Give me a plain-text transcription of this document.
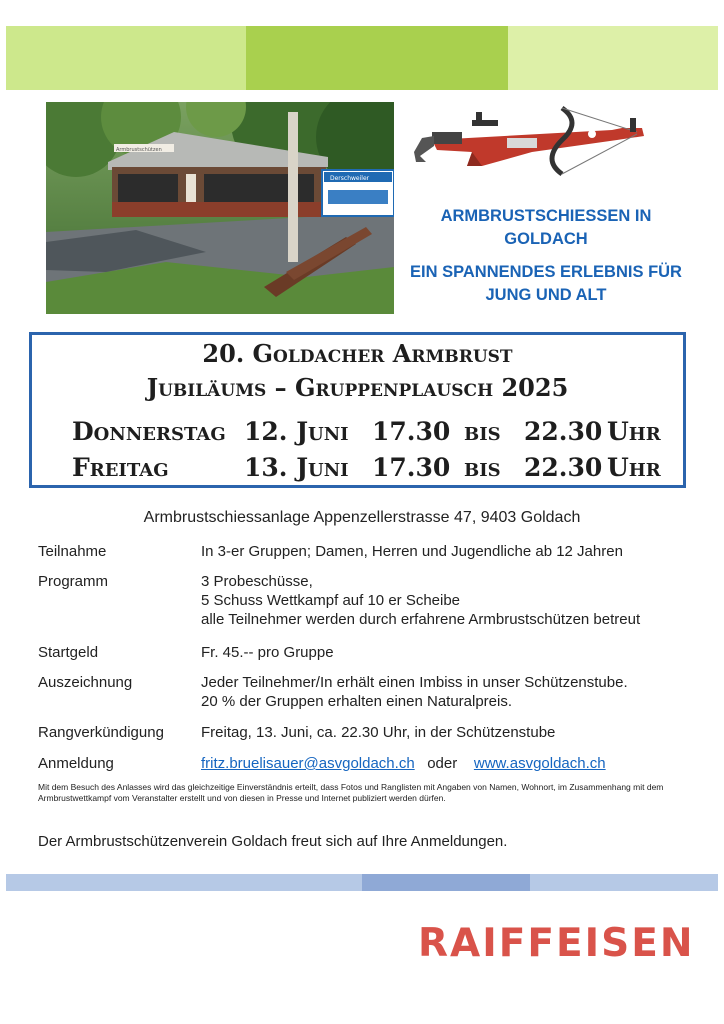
Armbrustschützen
Derschweiler

ARMBRUSTSCHIESSEN IN GOLDACH

EIN SPANNENDES ERLEBNIS FÜR JUNG UND ALT

20. Goldacher Armbrust
Jubiläums – Gruppenplausch 2025
Donnerstag 12. Juni 17.30 bis 22.30 Uhr
Freitag	13. Juni 17.30 bis 22.30 Uhr
Armbrustschiessanlage Appenzellerstrasse 47, 9403 Goldach
Teilnahme	In 3-er Gruppen; Damen, Herren und Jugendliche ab 12 Jahren
Programm	3 Probeschüsse,
5 Schuss Wettkampf auf 10 er Scheibe
alle Teilnehmer werden durch erfahrene Armbrustschützen betreut
Startgeld	Fr. 45.-- pro Gruppe
Auszeichnung	Jeder Teilnehmer/In erhält einen Imbiss in unser Schützenstube.
20 % der Gruppen erhalten einen Naturalpreis.
Rangverkündigung Freitag, 13. Juni, ca. 22.30 Uhr, in der Schützenstube
Anmeldung	fritz.bruelisauer@asvgoldach.ch oder www.asvgoldach.ch
Mit dem Besuch des Anlasses wird das gleichzeitige Einverständnis erteilt, dass Fotos und Ranglisten mit Angaben von Namen, Wohnort, im Zusammenhang mit dem Armbrustwettkampf vom Veranstalter erstellt und von diesen in Presse und Internet publiziert werden dürfen.
Der Armbrustschützenverein Goldach freut sich auf Ihre Anmeldungen.
RAIFFEISEN
